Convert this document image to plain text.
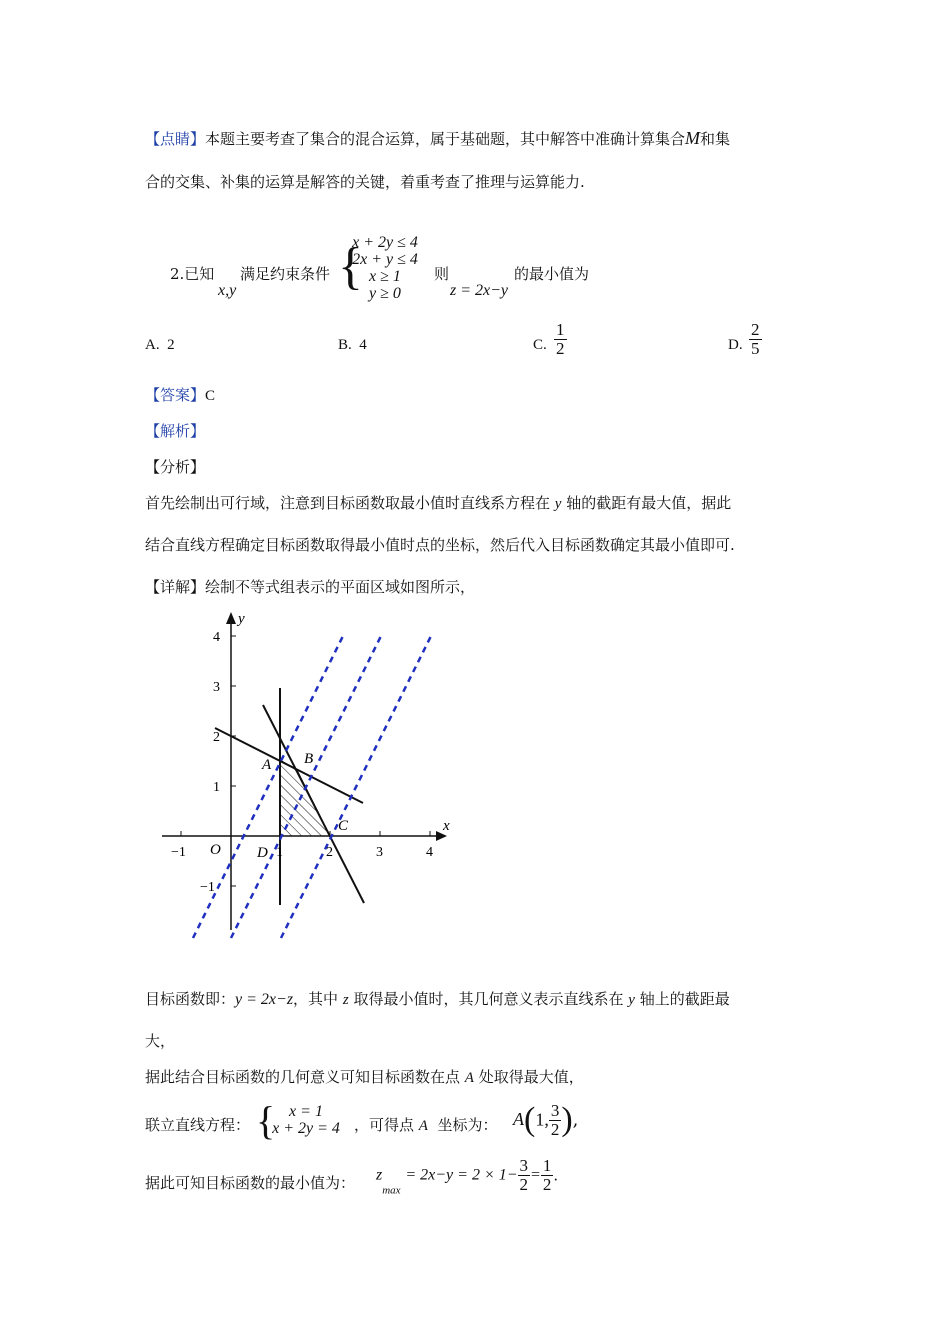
【点睛】本题主要考查了集合的混合运算，属于基础题，其中解答中准确计算集合M和集
合的交集、补集的运算是解答的关键，着重考查了推理与运算能力.
2.已知
x,y
满足约束条件 {
x + 2y ≤ 4
2x + y ≤ 4
x ≥ 1
y ≥ 0
则
z = 2x−y
的最小值为
A. 2	B. 4	C. $\frac{1}{2}$	D. $\frac{2}{5}$
【答案】C
【解析】
【分析】
首先绘制出可行域，注意到目标函数取最小值时直线系方程在 y 轴的截距有最大值，据此
结合直线方程确定目标函数取得最小值时点的坐标，然后代入目标函数确定其最小值即可.
【详解】绘制不等式组表示的平面区域如图所示，
y
x
O
−1	1	2	3	4
4
3
2
1
−1
A B
C
D
目标函数即：y = 2x−z，其中 z 取得最小值时，其几何意义表示直线系在 y 轴上的截距最
大，
据此结合目标函数的几何意义可知目标函数在点 A 处取得最大值，
联立直线方程： { x = 1
x + 2y = 4 ，可得点 A 坐标为： A(1, $\frac{3}{2}$ ),
据此可知目标函数的最小值为： $z_{max} = 2x-y = 2 \times 1- \frac{3}{2} = \frac{1}{2}$ .
